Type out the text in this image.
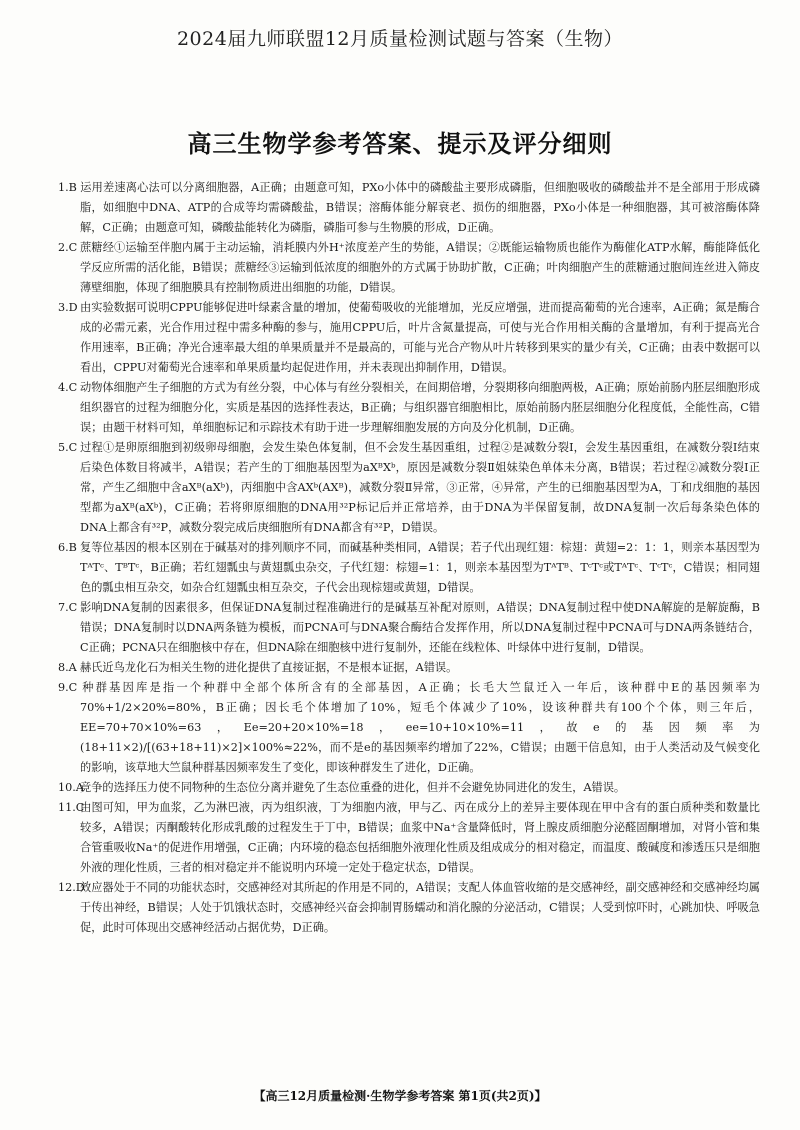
2024届九师联盟12月质量检测试题与答案（生物）
高三生物学参考答案、提示及评分细则

1.B 运用差速离心法可以分离细胞器，A正确；由题意可知，PXo小体中的磷酸盐主要形成磷脂，但细胞吸收的磷酸盐并不是全部用于形成磷脂，如细胞中DNA、ATP的合成等均需磷酸盐，B错误；溶酶体能分解衰老、损伤的细胞器，PXo小体是一种细胞器，其可被溶酶体降解，C正确；由题意可知，磷酸盐能转化为磷脂，磷脂可参与生物膜的形成，D正确。

2.C 蔗糖经①运输至伴胞内属于主动运输，消耗膜内外H⁺浓度差产生的势能，A错误；②既能运输物质也能作为酶催化ATP水解，酶能降低化学反应所需的活化能，B错误；蔗糖经③运输到低浓度的细胞外的方式属于协助扩散，C正确；叶肉细胞产生的蔗糖通过胞间连丝进入筛皮薄壁细胞，体现了细胞膜具有控制物质进出细胞的功能，D错误。

3.D 由实验数据可说明CPPU能够促进叶绿素含量的增加，使葡萄吸收的光能增加，光反应增强，进而提高葡萄的光合速率，A正确；氮是酶合成的必需元素，光合作用过程中需多种酶的参与，施用CPPU后，叶片含氮量提高，可使与光合作用相关酶的含量增加，有利于提高光合作用速率，B正确；净光合速率最大组的单果质量并不是最高的，可能与光合产物从叶片转移到果实的量少有关，C正确；由表中数据可以看出，CPPU对葡萄光合速率和单果质量均起促进作用，并未表现出抑制作用，D错误。

4.C 动物体细胞产生子细胞的方式为有丝分裂，中心体与有丝分裂相关，在间期倍增，分裂期移向细胞两极，A正确；原始前肠内胚层细胞形成组织器官的过程为细胞分化，实质是基因的选择性表达，B正确；与组织器官细胞相比，原始前肠内胚层细胞分化程度低，全能性高，C错误；由题干材料可知，单细胞标记和示踪技术有助于进一步理解细胞发展的方向及分化机制，D正确。

5.C 过程①是卵原细胞到初级卵母细胞，会发生染色体复制，但不会发生基因重组，过程②是减数分裂Ⅰ，会发生基因重组，在减数分裂Ⅰ结束后染色体数目将减半，A错误；若产生的丁细胞基因型为aXᴮXᵇ，原因是减数分裂Ⅱ姐妹染色单体未分离，B错误；若过程②减数分裂Ⅰ正常，产生乙细胞中含aXᴮ(aXᵇ)，丙细胞中含AXᵇ(AXᴮ)，减数分裂Ⅱ异常，③正常，④异常，产生的已细胞基因型为A，丁和戊细胞的基因型都为aXᴮ(aXᵇ)，C正确；若将卵原细胞的DNA用³²P标记后并正常培养，由于DNA为半保留复制，故DNA复制一次后每条染色体的DNA上都含有³²P，减数分裂完成后庚细胞所有DNA都含有³²P，D错误。

6.B 复等位基因的根本区别在于碱基对的排列顺序不同，而碱基种类相同，A错误；若子代出现红翅：棕翅：黄翅=2：1：1，则亲本基因型为TᴬTᶜ、TᴮTᶜ，B正确；若红翅瓢虫与黄翅瓢虫杂交，子代红翅：棕翅=1：1，则亲本基因型为TᴬTᴮ、TᶜTᶜ或TᴬTᶜ、TᶜTᶜ，C错误；相同翅色的瓢虫相互杂交，如杂合红翅瓢虫相互杂交，子代会出现棕翅或黄翅，D错误。

7.C 影响DNA复制的因素很多，但保证DNA复制过程准确进行的是碱基互补配对原则，A错误；DNA复制过程中使DNA解旋的是解旋酶，B错误；DNA复制时以DNA两条链为模板，而PCNA可与DNA聚合酶结合发挥作用，所以DNA复制过程中PCNA可与DNA两条链结合，C正确；PCNA只在细胞核中存在，但DNA除在细胞核中进行复制外，还能在线粒体、叶绿体中进行复制，D错误。

8.A 赫氏近鸟龙化石为相关生物的进化提供了直接证据，不是根本证据，A错误。

9.C 种群基因库是指一个种群中全部个体所含有的全部基因，A正确；长毛大竺鼠迁入一年后，该种群中E的基因频率为70%+1/2×20%=80%，B正确；因长毛个体增加了10%，短毛个体减少了10%，设该种群共有100个个体，则三年后，EE=70+70×10%=63，Ee=20+20×10%=18，ee=10+10×10%=11，故e的基因频率为(18+11×2)/[(63+18+11)×2]×100%≈22%，而不是e的基因频率约增加了22%，C错误；由题干信息知，由于人类活动及气候变化的影响，该草地大竺鼠种群基因频率发生了变化，即该种群发生了进化，D正确。

10.A竞争的选择压力使不同物种的生态位分离并避免了生态位重叠的进化，但并不会避免协同进化的发生，A错误。

11.C由图可知，甲为血浆，乙为淋巴液，丙为组织液，丁为细胞内液，甲与乙、丙在成分上的差异主要体现在甲中含有的蛋白质种类和数量比较多，A错误；丙酮酸转化形成乳酸的过程发生于丁中，B错误；血浆中Na⁺含量降低时，肾上腺皮质细胞分泌醛固酮增加，对肾小管和集合管重吸收Na⁺的促进作用增强，C正确；内环境的稳态包括细胞外液理化性质及组成成分的相对稳定，而温度、酸碱度和渗透压只是细胞外液的理化性质，三者的相对稳定并不能说明内环境一定处于稳定状态，D错误。

12.D效应器处于不同的功能状态时，交感神经对其所起的作用是不同的，A错误；支配人体血管收缩的是交感神经，副交感神经和交感神经均属于传出神经，B错误；人处于饥饿状态时，交感神经兴奋会抑制胃肠蠕动和消化腺的分泌活动，C错误；人受到惊吓时，心跳加快、呼吸急促，此时可体现出交感神经活动占据优势，D正确。

【高三12月质量检测·生物学参考答案 第1页(共2页)】
